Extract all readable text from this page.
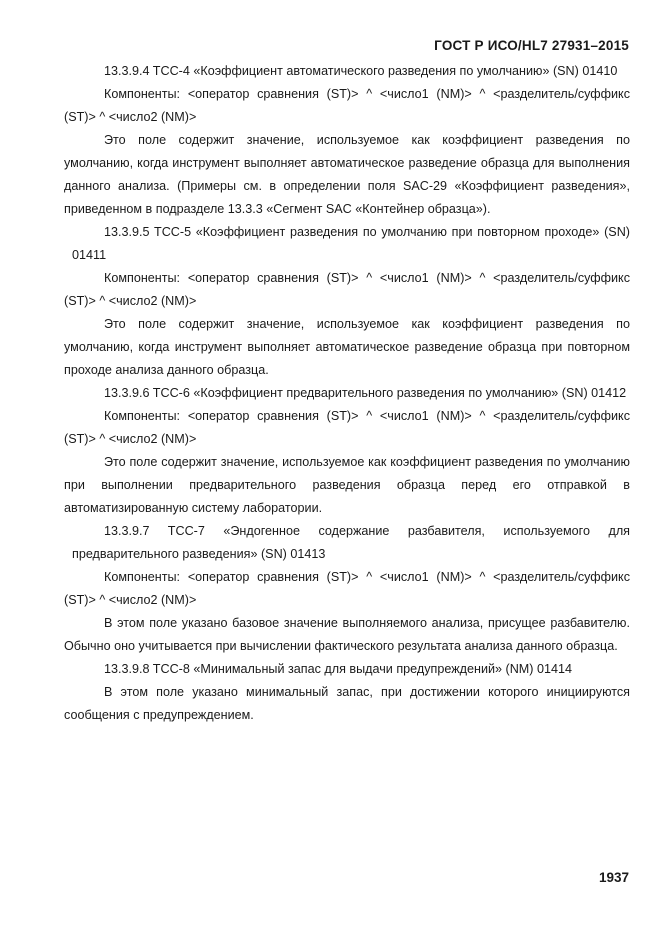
ГОСТ Р ИСО/HL7 27931–2015

13.3.9.4 TCC-4 «Коэффициент автоматического разведения по умолчанию» (SN) 01410

Компоненты: <оператор сравнения (ST)> ^ <число1 (NM)> ^ <разделитель/суффикс (ST)> ^ <число2 (NM)>

Это поле содержит значение, используемое как коэффициент разведения по умолчанию, когда инструмент выполняет автоматическое разведение образца для выполнения данного анализа. (Примеры см. в определении поля SAC-29 «Коэффициент разведения», приведенном в подразделе 13.3.3 «Сегмент SAC «Контейнер образца»).

13.3.9.5 TCC-5 «Коэффициент разведения по умолчанию при повторном проходе» (SN) 01411

Компоненты: <оператор сравнения (ST)> ^ <число1 (NM)> ^ <разделитель/суффикс (ST)> ^ <число2 (NM)>

Это поле содержит значение, используемое как коэффициент разведения по умолчанию, когда инструмент выполняет автоматическое разведение образца при повторном проходе анализа данного образца.

13.3.9.6 TCC-6 «Коэффициент предварительного разведения по умолчанию» (SN) 01412

Компоненты: <оператор сравнения (ST)> ^ <число1 (NM)> ^ <разделитель/суффикс (ST)> ^ <число2 (NM)>

Это поле содержит значение, используемое как коэффициент разведения по умолчанию при выполнении предварительного разведения образца перед его отправкой в автоматизированную систему лаборатории.

13.3.9.7 TCC-7 «Эндогенное содержание разбавителя, используемого для предварительного разведения» (SN) 01413

Компоненты: <оператор сравнения (ST)> ^ <число1 (NM)> ^ <разделитель/суффикс (ST)> ^ <число2 (NM)>

В этом поле указано базовое значение выполняемого анализа, присущее разбавителю. Обычно оно учитывается при вычислении фактического результата анализа данного образца.

13.3.9.8 TCC-8 «Минимальный запас для выдачи предупреждений» (NM) 01414

В этом поле указано минимальный запас, при достижении которого инициируются сообщения с предупреждением.

1937
